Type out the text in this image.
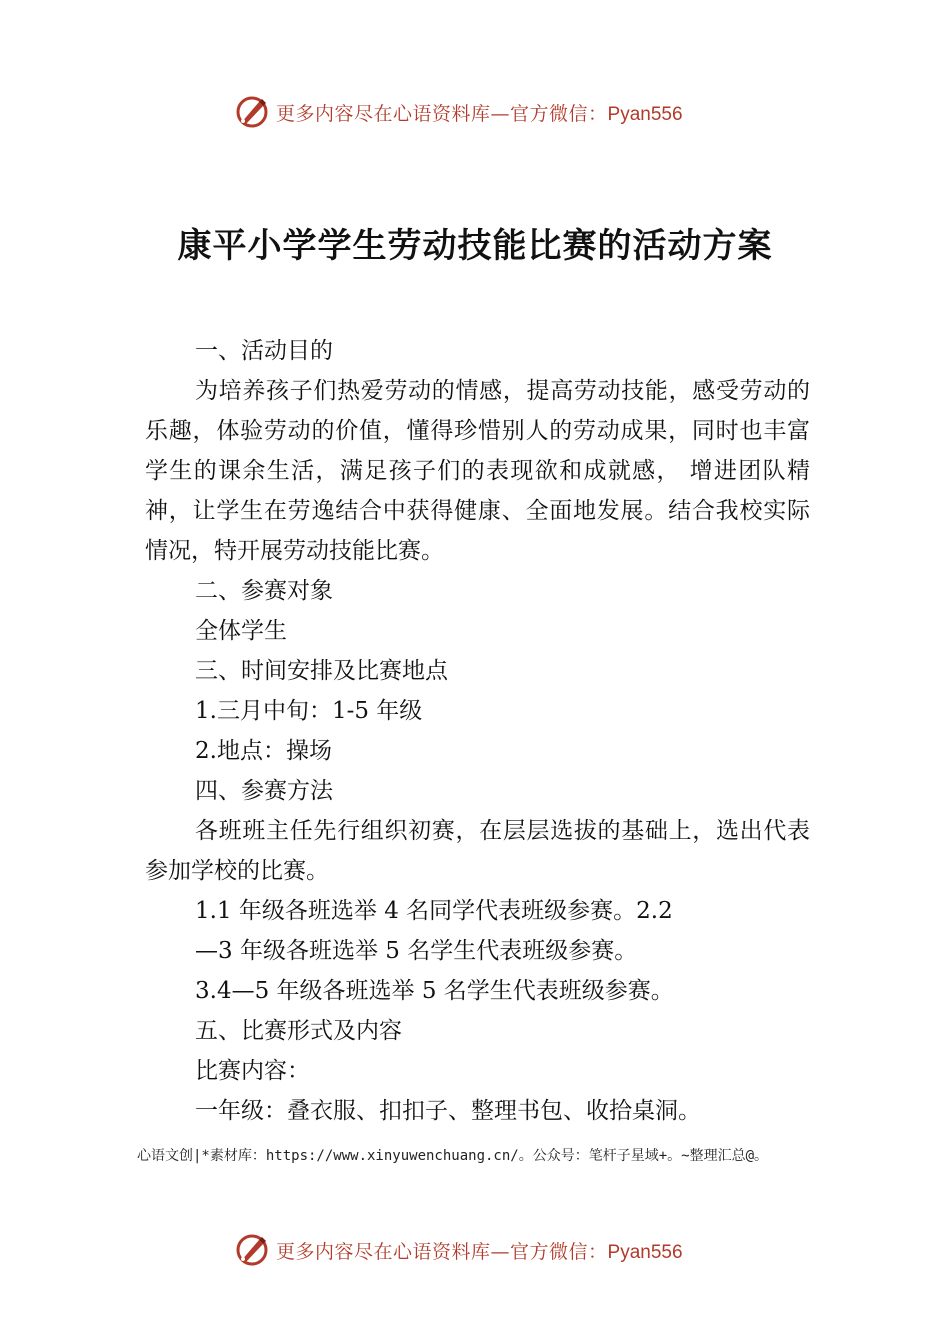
更多内容尽在心语资料库—官方微信：Pyan556
康平小学学生劳动技能比赛的活动方案

一、活动目的

为培养孩子们热爱劳动的情感，提高劳动技能，感受劳动的乐趣，体验劳动的价值，懂得珍惜别人的劳动成果，同时也丰富学生的课余生活，满足孩子们的表现欲和成就感， 增进团队精神，让学生在劳逸结合中获得健康、全面地发展。结合我校实际情况，特开展劳动技能比赛。

二、参赛对象

全体学生

三、时间安排及比赛地点

1.三月中旬：1-5 年级

2.地点：操场

四、参赛方法

各班班主任先行组织初赛，在层层选拔的基础上，选出代表参加学校的比赛。

1.1 年级各班选举 4 名同学代表班级参赛。2.2

—3 年级各班选举 5 名学生代表班级参赛。

3.4—5 年级各班选举 5 名学生代表班级参赛。

五、比赛形式及内容

比赛内容：

一年级：叠衣服、扣扣子、整理书包、收拾桌洞。

心语文创|*素材库：https://www.xinyuwenchuang.cn/。公众号：笔杆子星域+。~整理汇总@。
更多内容尽在心语资料库—官方微信：Pyan556
